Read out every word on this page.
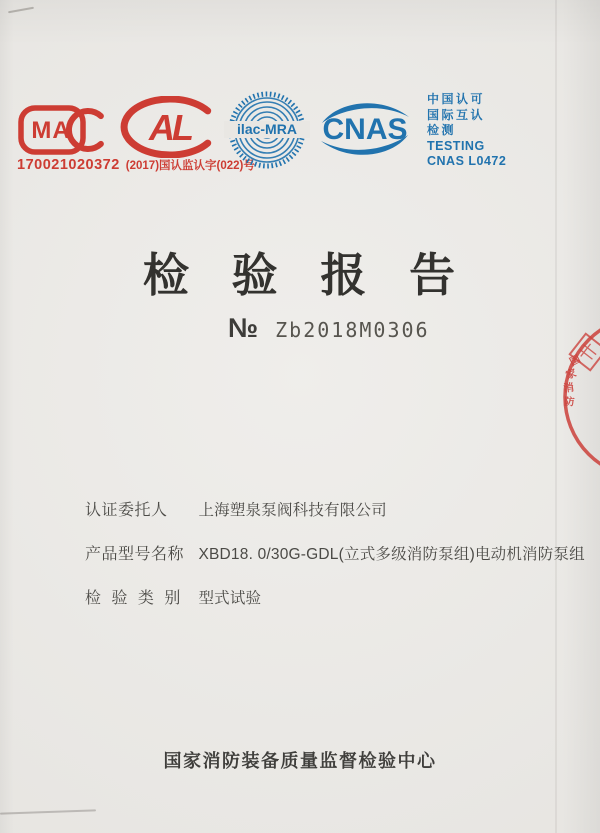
MA
170021020372 (2017)国认监认字(022)号
AL	ilac-MRA CNAS
中国认可
国际互认
检测
TESTING
CNAS L0472
检 验 报 告
№ Zb2018M0306
国
家
消
防
认证委托人 上海塑泉泵阀科技有限公司
产品型号名称 XBD18. 0/30G-GDL(立式多级消防泵组)电动机消防泵组
检 验 类 别 型式试验
国家消防装备质量监督检验中心
